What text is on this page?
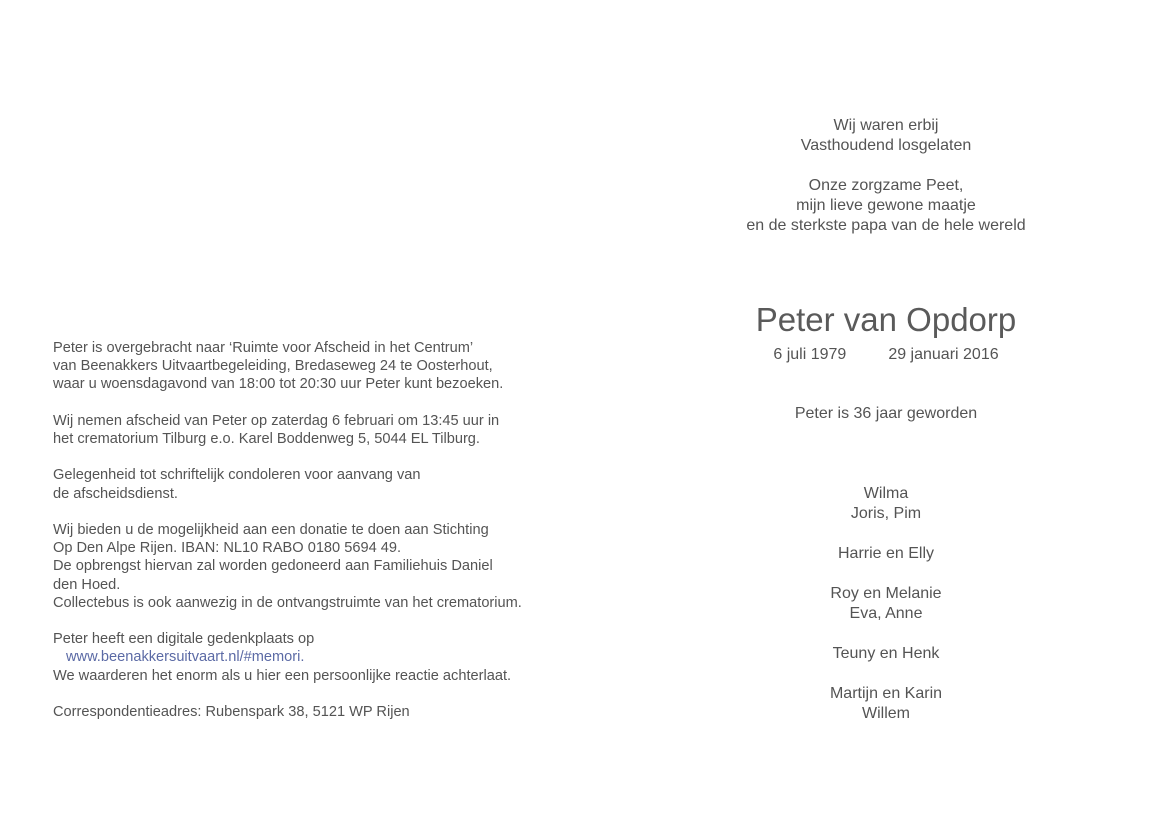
Peter is overgebracht naar ‘Ruimte voor Afscheid in het Centrum’
van Beenakkers Uitvaartbegeleiding, Bredaseweg 24 te Oosterhout,
waar u woensdagavond van 18:00 tot 20:30 uur Peter kunt bezoeken.

Wij nemen afscheid van Peter op zaterdag 6 februari om 13:45 uur in
het crematorium Tilburg e.o. Karel Boddenweg 5, 5044 EL Tilburg.

Gelegenheid tot schriftelijk condoleren voor aanvang van
de afscheidsdienst.

Wij bieden u de mogelijkheid aan een donatie te doen aan Stichting
Op Den Alpe Rijen. IBAN: NL10 RABO 0180 5694 49.
De opbrengst hiervan zal worden gedoneerd aan Familiehuis Daniel
den Hoed.
Collectebus is ook aanwezig in de ontvangstruimte van het crematorium.

Peter heeft een digitale gedenkplaats op
www.beenakkersuitvaart.nl/#memori.
We waarderen het enorm als u hier een persoonlijke reactie achterlaat.

Correspondentieadres: Rubenspark 38, 5121 WP Rijen

Wij waren erbij
Vasthoudend losgelaten
Onze zorgzame Peet,
mijn lieve gewone maatje
en de sterkste papa van de hele wereld
Peter van Opdorp
6 juli 1979	29 januari 2016
Peter is 36 jaar geworden
Wilma
Joris, Pim
Harrie en Elly
Roy en Melanie
Eva, Anne
Teuny en Henk
Martijn en Karin
Willem
